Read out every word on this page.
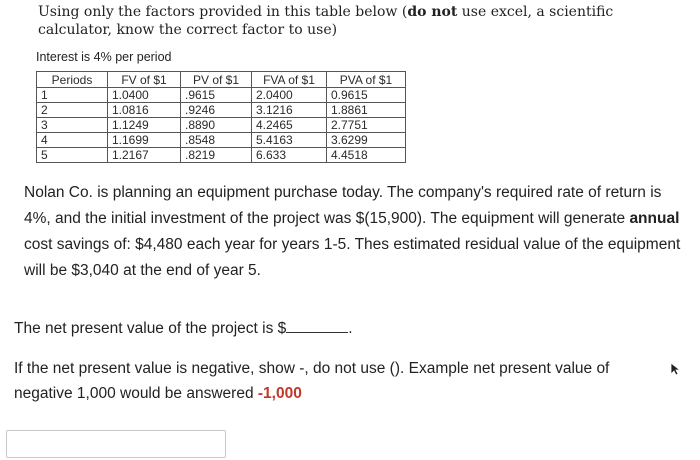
Using only the factors provided in this table below (do not use excel, a scientific calculator, know the correct factor to use)
Interest is 4% per period
Periods	FV of $1	PV of $1	FVA of $1	PVA of $1
1	1.0400	.9615	2.0400	0.9615
2	1.0816	.9246	3.1216	1.8861
3	1.1249	.8890	4.2465	2.7751
4	1.1699	.8548	5.4163	3.6299
5	1.2167	.8219	6.633	4.4518
Nolan Co. is planning an equipment purchase today. The company's required rate of return is 4%, and the initial investment of the project was $(15,900). The equipment will generate annual cost savings of: $4,480 each year for years 1-5. Thes estimated residual value of the equipment will be $3,040 at the end of year 5.
The net present value of the project is $	.
If the net present value is negative, show -, do not use (). Example net present value of negative 1,000 would be answered -1,000
